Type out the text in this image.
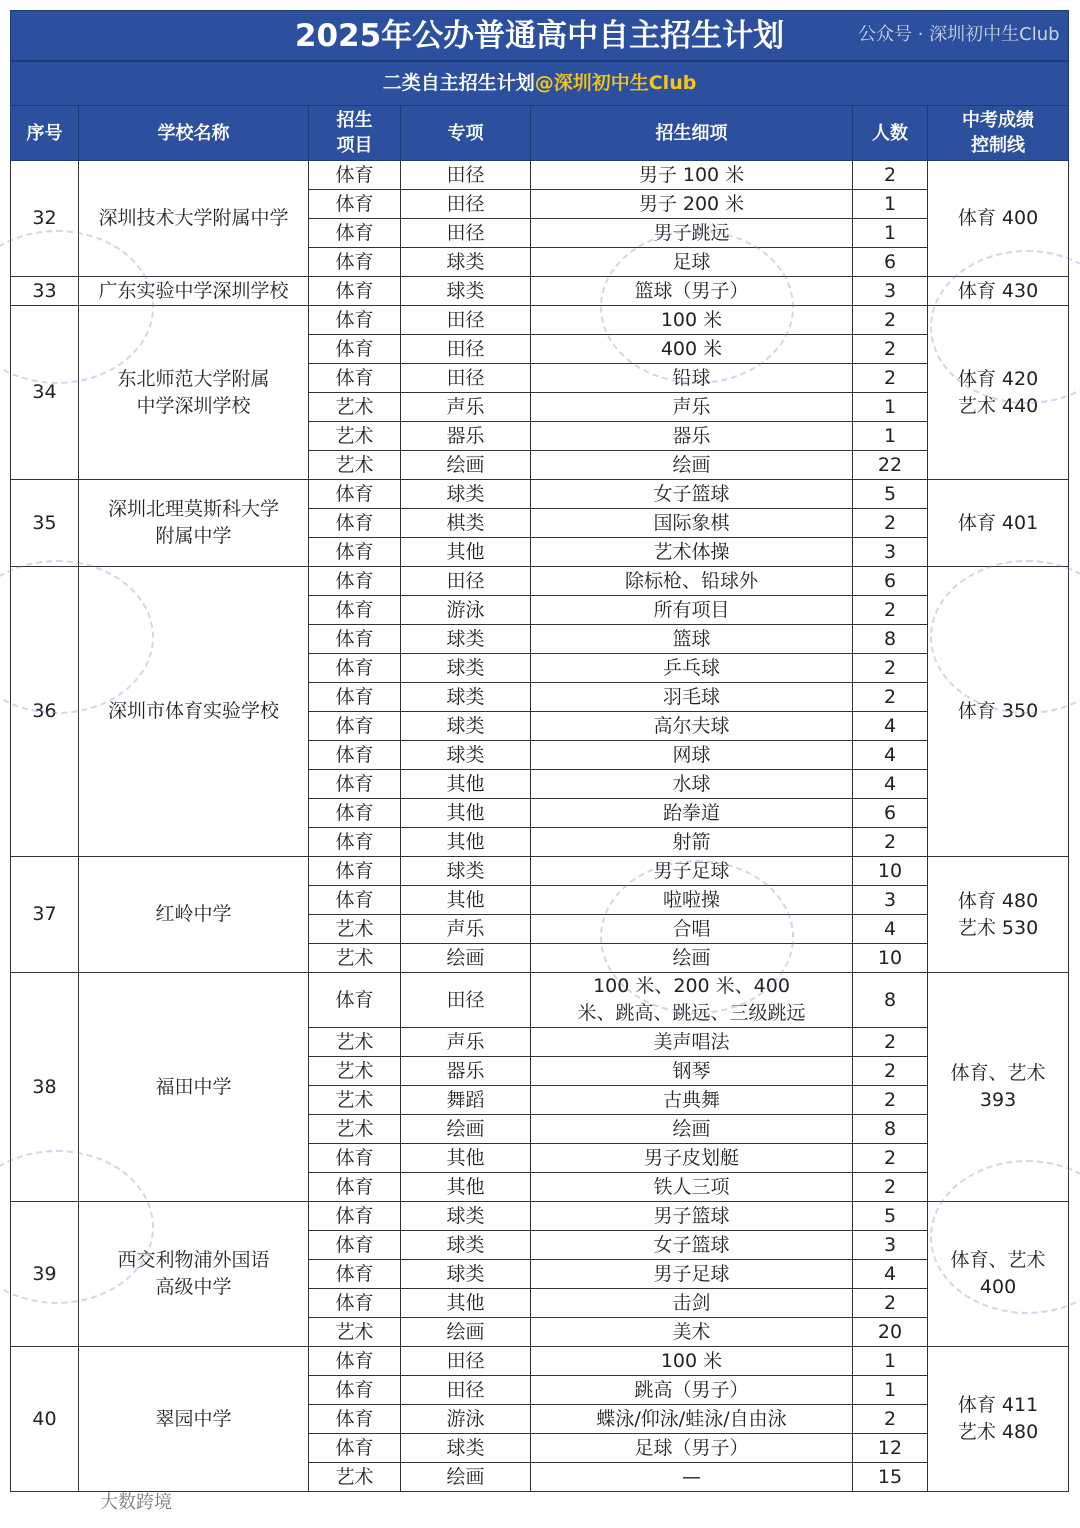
2025年公办普通高中自主招生计划						
二类自主招生计划@深圳初中生Club						
序号	学校名称	招生
项目	专项	招生细项	人数	中考成绩
控制线
32	深圳技术大学附属中学	体育	田径	男子 100 米	2	体育 400
		体育	田径	男子 200 米	1	
		体育	田径	男子跳远	1	
		体育	球类	足球	6	
33	广东实验中学深圳学校	体育	球类	篮球（男子）	3	体育 430
34	东北师范大学附属
中学深圳学校	体育	田径	100 米	2	体育 420
艺术 440
		体育	田径	400 米	2	
		体育	田径	铅球	2	
		艺术	声乐	声乐	1	
		艺术	器乐	器乐	1	
		艺术	绘画	绘画	22	
35	深圳北理莫斯科大学
附属中学	体育	球类	女子篮球	5	体育 401
		体育	棋类	国际象棋	2	
		体育	其他	艺术体操	3	
36	深圳市体育实验学校	体育	田径	除标枪、铅球外	6	体育 350
		体育	游泳	所有项目	2	
		体育	球类	篮球	8	
		体育	球类	乒乓球	2	
		体育	球类	羽毛球	2	
		体育	球类	高尔夫球	4	
		体育	球类	网球	4	
		体育	其他	水球	4	
		体育	其他	跆拳道	6	
		体育	其他	射箭	2	
37	红岭中学	体育	球类	男子足球	10	体育 480
艺术 530
		体育	其他	啦啦操	3	
		艺术	声乐	合唱	4	
		艺术	绘画	绘画	10	
38	福田中学	体育	田径	100 米、200 米、400
米、跳高、跳远、三级跳远	8	体育、艺术
393
		艺术	声乐	美声唱法	2	
		艺术	器乐	钢琴	2	
		艺术	舞蹈	古典舞	2	
		艺术	绘画	绘画	8	
		体育	其他	男子皮划艇	2	
		体育	其他	铁人三项	2	
39	西交利物浦外国语
高级中学	体育	球类	男子篮球	5	体育、艺术
400
		体育	球类	女子篮球	3	
		体育	球类	男子足球	4	
		体育	其他	击剑	2	
		艺术	绘画	美术	20	
40	翠园中学	体育	田径	100 米	1	体育 411
艺术 480
		体育	田径	跳高（男子）	1	
		体育	游泳	蝶泳/仰泳/蛙泳/自由泳	2	
		体育	球类	足球（男子）	12	
		艺术	绘画	—	15	
公众号 · 深圳初中生Club
大数跨境
